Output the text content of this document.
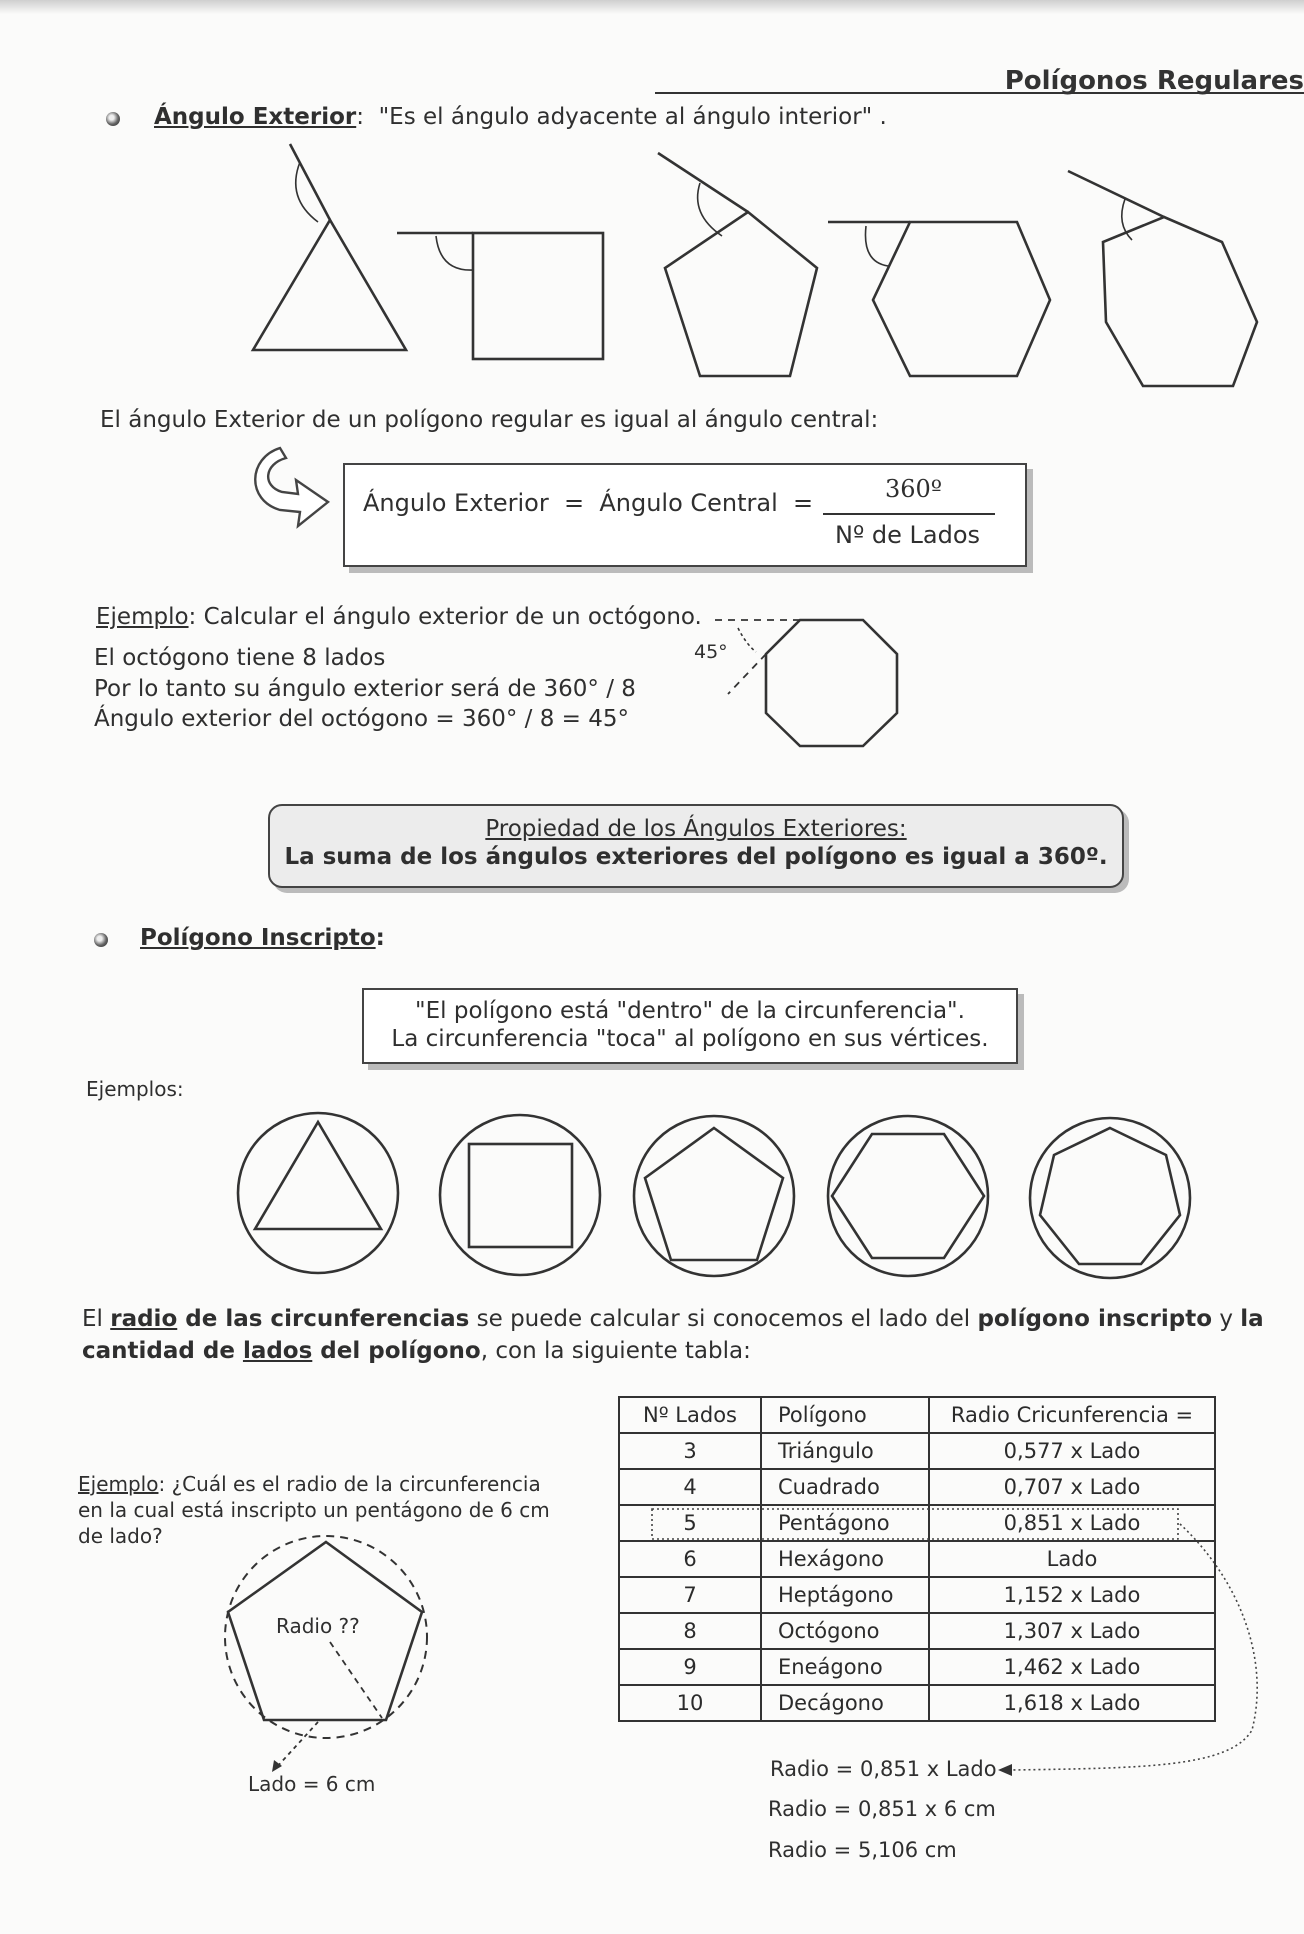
Polígonos Regulares
Ángulo Exterior:  "Es el ángulo adyacente al ángulo interior" .
El ángulo Exterior de un polígono regular es igual al ángulo central:
Ángulo Exterior = Ángulo Central =	360º
Nº de Lados
Ejemplo: Calcular el ángulo exterior de un octógono.
El octógono tiene 8 lados
Por lo tanto su ángulo exterior será de 360° / 8
Ángulo exterior del octógono = 360° / 8 = 45°
45°
Propiedad de los Ángulos Exteriores:
La suma de los ángulos exteriores del polígono es igual a 360º.
Polígono Inscripto:
"El polígono está "dentro" de la circunferencia".
La circunferencia "toca" al polígono en sus vértices.
Ejemplos:
El radio de las circunferencias se puede calcular si conocemos el lado del polígono inscripto y la
cantidad de lados del polígono, con la siguiente tabla:
Ejemplo: ¿Cuál es el radio de la circunferencia
en la cual está inscripto un pentágono de 6 cm
de lado?
Radio ??
Lado = 6 cm
Nº Lados	Polígono	Radio Cricunferencia =
3	Triángulo	0,577 x Lado
4	Cuadrado	0,707 x Lado
5	Pentágono	0,851 x Lado
6	Hexágono	Lado
7	Heptágono	1,152 x Lado
8	Octógono	1,307 x Lado
9	Eneágono	1,462 x Lado
10	Decágono	1,618 x Lado
Radio = 0,851 x Lado
Radio = 0,851 x 6 cm
Radio = 5,106 cm
